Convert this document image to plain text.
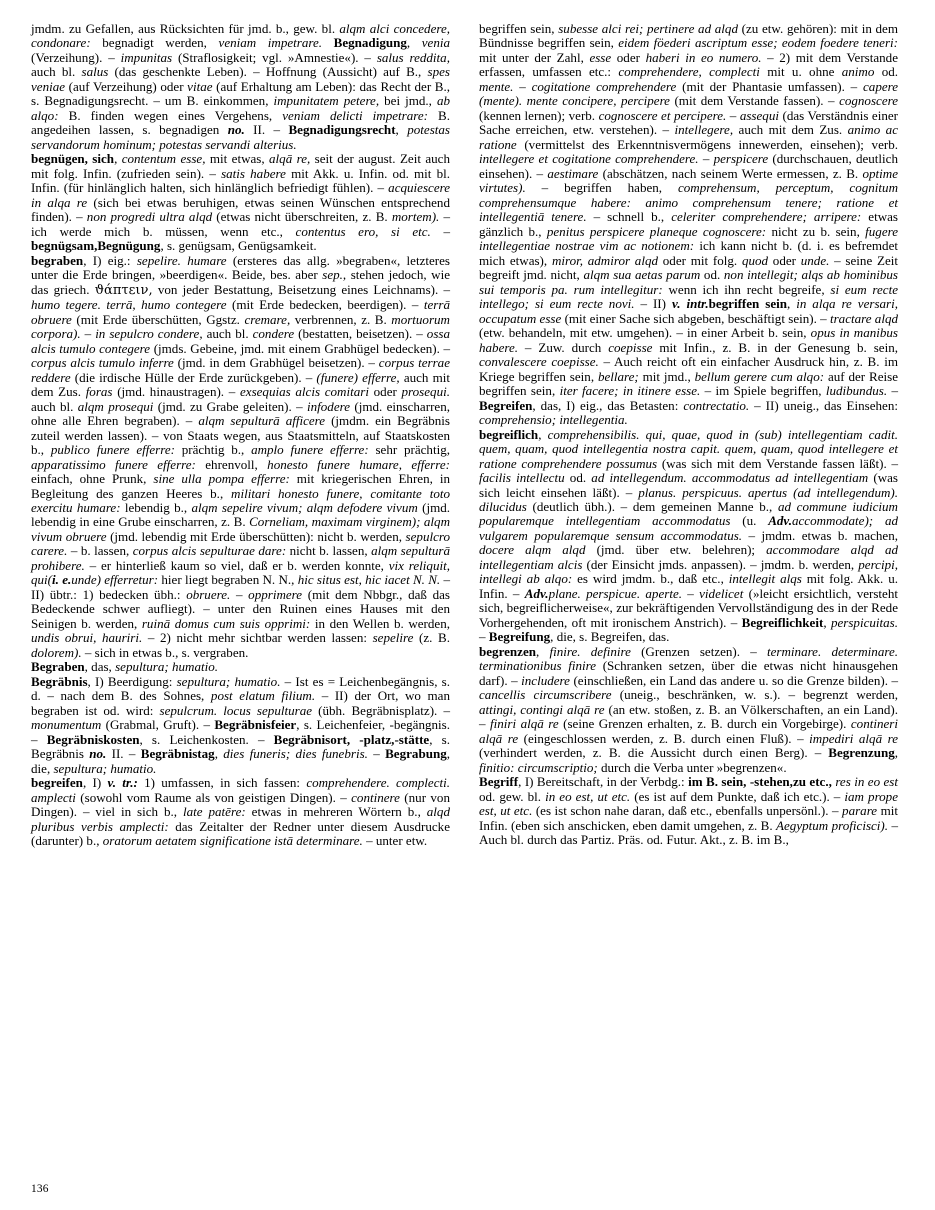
jmdm. zu Gefallen, aus Rücksichten für jmd. b., gew. bl. alqm alci concedere, condonare: begnadigt werden, veniam impetrare. Begnadigung, venia (Verzeihung). – impunitas (Straflosigkeit; vgl. »Amnestie«). – salus reddita, auch bl. salus (das geschenkte Leben). – Hoffnung (Aussicht) auf B., spes veniae (auf Verzeihung) oder vitae (auf Erhaltung am Leben): das Recht der B., s. Begnadigungsrecht. – um B. einkommen, impunitatem petere, bei jmd., ab alqo: B. finden wegen eines Vergehens, veniam delicti impetrare: B. angedeihen lassen, s. begnadigen no. II. – Begnadigungsrecht, potestas servandorum hominum; potestas servandi alterius.

begnügen, sich, contentum esse, mit etwas, alqā re, seit der august. Zeit auch mit folg. Infin. (zufrieden sein). – satis habere mit Akk. u. Infin. od. mit bl. Infin. (für hinlänglich halten, sich hinlänglich befriedigt fühlen). – acquiescere in alqa re (sich bei etwas beruhigen, etwas seinen Wünschen entsprechend finden). – non progredi ultra alqd (etwas nicht überschreiten, z. B. mortem). – ich werde mich b. müssen, wenn etc., contentus ero, si etc. – begnügsam,Begnügung, s. genügsam, Genügsamkeit.

begraben, I) eig.: sepelire. humare (ersteres das allg. »begraben«, letzteres unter die Erde bringen, »beerdigen«. Beide, bes. aber sep., stehen jedoch, wie das griech. ϑάπτειν, von jeder Bestattung, Beisetzung eines Leichnams). – humo tegere. terrā, humo contegere (mit Erde bedecken, beerdigen). – terrā obruere (mit Erde überschütten, Ggstz. cremare, verbrennen, z. B. mortuorum corpora). – in sepulcro condere, auch bl. condere (bestatten, beisetzen). – ossa alcis tumulo contegere (jmds. Gebeine, jmd. mit einem Grabhügel bedecken). – corpus alcis tumulo inferre (jmd. in dem Grabhügel beisetzen). – corpus terrae reddere (die irdische Hülle der Erde zurückgeben). – (funere) efferre, auch mit dem Zus. foras (jmd. hinaustragen). – exsequias alcis comitari oder prosequi. auch bl. alqm prosequi (jmd. zu Grabe geleiten). – infodere (jmd. einscharren, ohne alle Ehren begraben). – alqm sepulturā afficere (jmdm. ein Begräbnis zuteil werden lassen). – von Staats wegen, aus Staatsmitteln, auf Staatskosten b., publico funere efferre: prächtig b., amplo funere efferre: sehr prächtig, apparatissimo funere efferre: ehrenvoll, honesto funere humare, efferre: einfach, ohne Prunk, sine ulla pompa efferre: mit kriegerischen Ehren, in Begleitung des ganzen Heeres b., militari honesto funere, comitante toto exercitu humare: lebendig b., alqm sepelire vivum; alqm defodere vivum (jmd. lebendig in eine Grube einscharren, z. B. Corneliam, maximam virginem); alqm vivum obruere (jmd. lebendig mit Erde überschütten): nicht b. werden, sepulcro carere. – b. lassen, corpus alcis sepulturae dare: nicht b. lassen, alqm sepulturā prohibere. – er hinterließ kaum so viel, daß er b. werden konnte, vix reliquit, qui(i. e.unde) efferretur: hier liegt begraben N. N., hic situs est, hic iacet N. N. – II) übtr.: 1) bedecken übh.: obruere. – opprimere (mit dem Nbbgr., daß das Bedeckende schwer aufliegt). – unter den Ruinen eines Hauses mit den Seinigen b. werden, ruinā domus cum suis opprimi: in den Wellen b. werden, undis obrui, hauriri. – 2) nicht mehr sichtbar werden lassen: sepelire (z. B. dolorem). – sich in etwas b., s. vergraben.

Begraben, das, sepultura; humatio.

Begräbnis, I) Beerdigung: sepultura; humatio. – Ist es = Leichenbegängnis, s. d. – nach dem B. des Sohnes, post elatum filium. – II) der Ort, wo man begraben ist od. wird: sepulcrum. locus sepulturae (übh. Begräbnisplatz). – monumentum (Grabmal, Gruft). – Begräbnisfeier, s. Leichenfeier, -begängnis. – Begräbniskosten, s. Leichenkosten. – Begräbnisort, -platz,-stätte, s. Begräbnis no. II. – Begräbnistag, dies funeris; dies funebris. – Begrabung, die, sepultura; humatio.

begreifen, I) v. tr.: 1) umfassen, in sich fassen: comprehendere. complecti. amplecti (sowohl vom Raume als von geistigen Dingen). – continere (nur von Dingen). – viel in sich b., late patēre: etwas in mehreren Wörtern b., alqd pluribus verbis amplecti: das Zeitalter der Redner unter diesem Ausdrucke (darunter) b., oratorum aetatem significatione istā determinare. – unter etw.

begriffen sein, subesse alci rei; pertinere ad alqd (zu etw. gehören): mit in dem Bündnisse begriffen sein, eidem föederi ascriptum esse; eodem foedere teneri: mit unter der Zahl, esse oder haberi in eo numero. – 2) mit dem Verstande erfassen, umfassen etc.: comprehendere, complecti mit u. ohne animo od. mente. – cogitatione comprehendere (mit der Phantasie umfassen). – capere (mente). mente concipere, percipere (mit dem Verstande fassen). – cognoscere (kennen lernen); verb. cognoscere et percipere. – assequi (das Verständnis einer Sache erreichen, etw. verstehen). – intellegere, auch mit dem Zus. animo ac ratione (vermittelst des Erkenntnisvermögens innewerden, einsehen); verb. intellegere et cogitatione comprehendere. – perspicere (durchschauen, deutlich einsehen). – aestimare (abschätzen, nach seinem Werte ermessen, z. B. optime virtutes). – begriffen haben, comprehensum, perceptum, cognitum comprehensumque habere: animo comprehensum tenere; ratione et intellegentiā tenere. – schnell b., celeriter comprehendere; arripere: etwas gänzlich b., penitus perspicere planeque cognoscere: nicht zu b. sein, fugere intellegentiae nostrae vim ac notionem: ich kann nicht b. (d. i. es befremdet mich etwas), miror, admiror alqd oder mit folg. quod oder unde. – seine Zeit begreift jmd. nicht, alqm sua aetas parum od. non intellegit; alqs ab hominibus sui temporis pa. rum intellegitur: wenn ich ihn recht begreife, si eum recte intellego; si eum recte novi. – II) v. intr.begriffen sein, in alqa re versari, occupatum esse (mit einer Sache sich abgeben, beschäftigt sein). – tractare alqd (etw. behandeln, mit etw. umgehen). – in einer Arbeit b. sein, opus in manibus habere. – Zuw. durch coepisse mit Infin., z. B. in der Genesung b. sein, convalescere coepisse. – Auch reicht oft ein einfacher Ausdruck hin, z. B. im Kriege begriffen sein, bellare; mit jmd., bellum gerere cum alqo: auf der Reise begriffen sein, iter facere; in itinere esse. – im Spiele begriffen, ludibundus. – Begreifen, das, I) eig., das Betasten: contrectatio. – II) uneig., das Einsehen: comprehensio; intellegentia.

begreiflich, comprehensibilis. qui, quae, quod in (sub) intellegentiam cadit. quem, quam, quod intellegentia nostra capit. quem, quam, quod intellegere et ratione comprehendere possumus (was sich mit dem Verstande fassen läßt). – facilis intellectu od. ad intellegendum. accommodatus ad intellegentiam (was sich leicht einsehen läßt). – planus. perspicuus. apertus (ad intellegendum). dilucidus (deutlich übh.). – dem gemeinen Manne b., ad commune iudicium popularemque intellegentiam accommodatus (u. Adv.accommodate); ad vulgarem popularemque sensum accommodatus. – jmdm. etwas b. machen, docere alqm alqd (jmd. über etw. belehren); accommodare alqd ad intellegentiam alcis (der Einsicht jmds. anpassen). – jmdm. b. werden, percipi, intellegi ab alqo: es wird jmdm. b., daß etc., intellegit alqs mit folg. Akk. u. Infin. – Adv.plane. perspicue. aperte. – videlicet (»leicht ersichtlich, versteht sich, begreiflicherweise«, zur bekräftigenden Vervollständigung des in der Rede Vorhergehenden, oft mit ironischem Anstrich). – Begreiflichkeit, perspicuitas. – Begreifung, die, s. Begreifen, das.

begrenzen, finire. definire (Grenzen setzen). – terminare. determinare. terminationibus finire (Schranken setzen, über die etwas nicht hinausgehen darf). – includere (einschließen, ein Land das andere u. so die Grenze bilden). – cancellis circumscribere (uneig., beschränken, w. s.). – begrenzt werden, attingi, contingi alqā re (an etw. stoßen, z. B. an Völkerschaften, an ein Land). – finiri alqā re (seine Grenzen erhalten, z. B. durch ein Vorgebirge). contineri alqā re (eingeschlossen werden, z. B. durch einen Fluß). – impediri alqā re (verhindert werden, z. B. die Aussicht durch einen Berg). – Begrenzung, finitio: circumscriptio; durch die Verba unter »begrenzen«.

Begriff, I) Bereitschaft, in der Verbdg.: im B. sein, -stehen,zu etc., res in eo est od. gew. bl. in eo est, ut etc. (es ist auf dem Punkte, daß ich etc.). – iam prope est, ut etc. (es ist schon nahe daran, daß etc., ebenfalls unpersönl.). – parare mit Infin. (eben sich anschicken, eben damit umgehen, z. B. Aegyptum proficisci). – Auch bl. durch das Partiz. Präs. od. Futur. Akt., z. B. im B.,

136
